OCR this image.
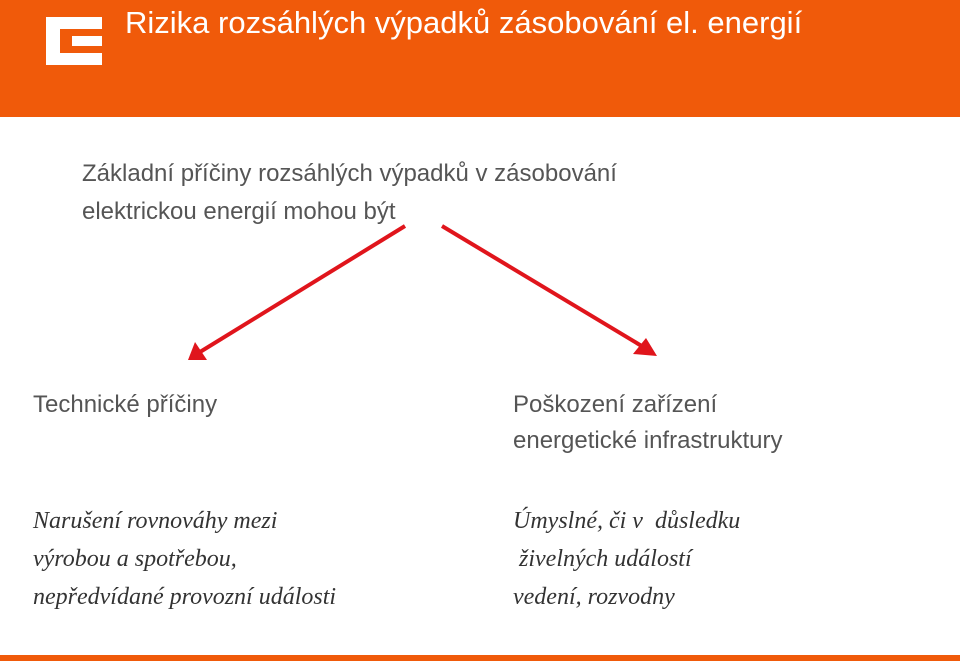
Rizika rozsáhlých výpadků zásobování el. energií

Základní příčiny rozsáhlých výpadků v zásobování
elektrickou energií mohou být

Technické příčiny

Narušení rovnováhy mezi
výrobou a spotřebou,
nepředvídané provozní události

Poškození zařízení
energetické infrastruktury

Úmyslné, či v  důsledku
živelných událostí
vedení, rozvodny
